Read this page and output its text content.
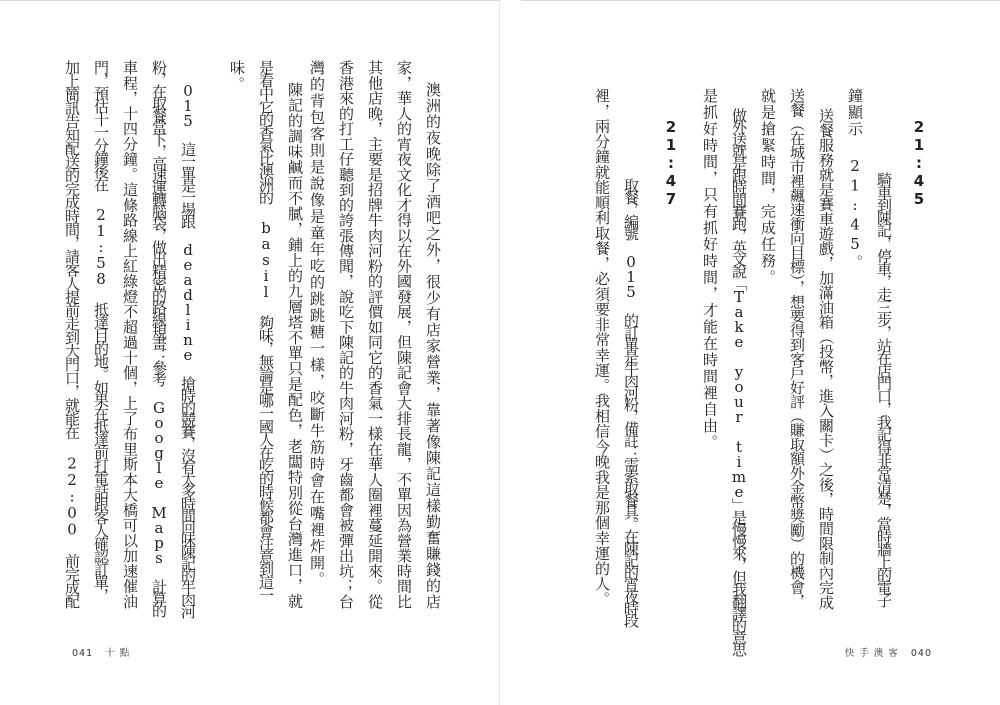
澳洲的夜晚除了酒吧之外，很少有店家營業，靠著像陳記這樣勤奮賺錢的店
家，華人的宵夜文化才得以在外國發展，但陳記會大排長龍，不單因為營業時間比
其他店晚，主要是招牌牛肉河粉的評價如同它的香氣一樣在華人圈裡蔓延開來。從
香港來的打工仔聽到的誇張傳聞，說吃下陳記的牛肉河粉，牙齒都會被彈出坑；台
灣的背包客則是說像是童年吃的跳跳糖一樣，咬斷牛筋時會在嘴裡炸開。
陳記的調味鹹而不膩，鋪上的九層塔不單只是配色，老闆特別從台灣進口，就
是看中它的香氣比澳洲的 basil 夠味，無論是哪一國人在吃的時候都會注意到這一
味。
015 這一單是一場跟 deadline 搶時的競賽，沒有太多時間回味陳記的牛肉河
粉，在取餐當下，高速運轉腦袋，做出精密的路線規畫：參考 Google Maps 計算的
車程，十四分鐘。這條路線上紅綠燈不超過十個，上了布里斯本大橋可以加速催油
門，預估十一分鐘後在 21:58 抵達目的地。如果在抵達前打電話跟客人確認訂單，
加上簡訊告知配送的完成時間，請客人提前走到大門口，就能在 22:00 前完成配
041 十 點
21:45
騎車到陳記，停車，走三步，站在店門口，我記得非常清楚，當時牆上的電子
鐘顯示 21:45。
送餐服務就是賽車遊戲，加滿油箱（投幣，進入關卡）之後，時間限制內完成
送餐（在城市裡飆速衝向目標），想要得到客戶好評（賺取額外金幣獎勵）的機會，
就是搶緊時間，完成任務。
做外送就是跟時間賽跑，英文說「Take your time」是慢慢來，但我翻譯的意思
是抓好時間，只有抓好時間，才能在時間裡自由。
21:47
取餐，編號 015 的訂單是牛肉河粉，備註：需索取餐具。在陳記的宵夜時段
裡，兩分鐘就能順利取餐，必須要非常幸運。我相信今晚我是那個幸運的人。
快 手 澳 客 040
